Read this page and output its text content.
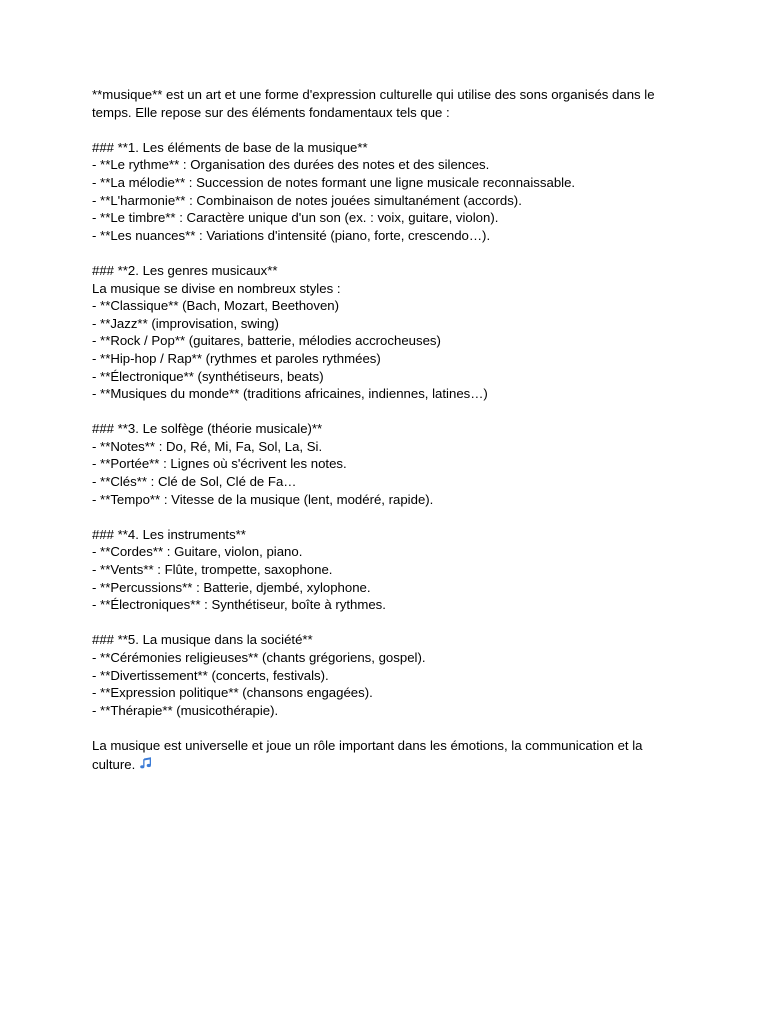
**musique** est un art et une forme d'expression culturelle qui utilise des sons organisés dans le temps. Elle repose sur des éléments fondamentaux tels que :

### **1. Les éléments de base de la musique**

- **Le rythme** : Organisation des durées des notes et des silences.
- **La mélodie** : Succession de notes formant une ligne musicale reconnaissable.
- **L'harmonie** : Combinaison de notes jouées simultanément (accords).
- **Le timbre** : Caractère unique d'un son (ex. : voix, guitare, violon).
- **Les nuances** : Variations d'intensité (piano, forte, crescendo…).

### **2. Les genres musicaux**

La musique se divise en nombreux styles :

- **Classique** (Bach, Mozart, Beethoven)
- **Jazz** (improvisation, swing)
- **Rock / Pop** (guitares, batterie, mélodies accrocheuses)
- **Hip-hop / Rap** (rythmes et paroles rythmées)
- **Électronique** (synthétiseurs, beats)
- **Musiques du monde** (traditions africaines, indiennes, latines…)

### **3. Le solfège (théorie musicale)**

- **Notes** : Do, Ré, Mi, Fa, Sol, La, Si.
- **Portée** : Lignes où s'écrivent les notes.
- **Clés** : Clé de Sol, Clé de Fa…
- **Tempo** : Vitesse de la musique (lent, modéré, rapide).

### **4. Les instruments**

- **Cordes** : Guitare, violon, piano.
- **Vents** : Flûte, trompette, saxophone.
- **Percussions** : Batterie, djembé, xylophone.
- **Électroniques** : Synthétiseur, boîte à rythmes.

### **5. La musique dans la société**

- **Cérémonies religieuses** (chants grégoriens, gospel).
- **Divertissement** (concerts, festivals).
- **Expression politique** (chansons engagées).
- **Thérapie** (musicothérapie).

La musique est universelle et joue un rôle important dans les émotions, la communication et la culture.
